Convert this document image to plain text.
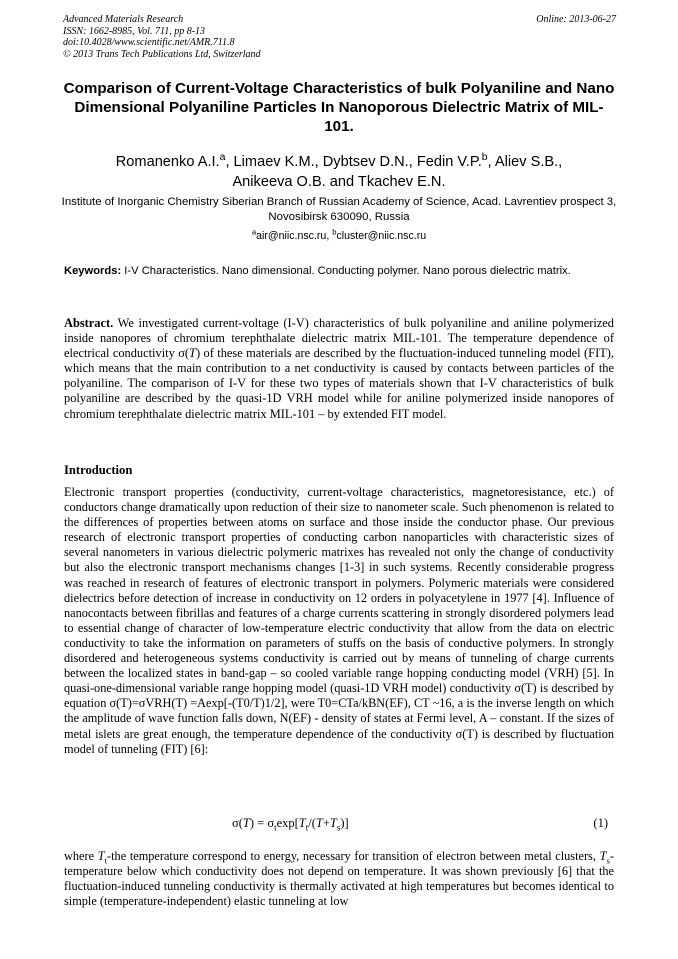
Advanced Materials Research
ISSN: 1662-8985, Vol. 711, pp 8-13
doi:10.4028/www.scientific.net/AMR.711.8
© 2013 Trans Tech Publications Ltd, Switzerland
Online: 2013-06-27
Comparison of Current-Voltage Characteristics of bulk Polyaniline and Nano Dimensional Polyaniline Particles In Nanoporous Dielectric Matrix of MIL-101.
Romanenko A.I.$^a$, Limaev K.M., Dybtsev D.N., Fedin V.P.$^b$, Aliev S.B.,
Anikeeva O.B. and Tkachev E.N.
Institute of Inorganic Chemistry Siberian Branch of Russian Academy of Science, Acad. Lavrentiev prospect 3, Novosibirsk 630090, Russia
$^a$air@niic.nsc.ru, $^b$cluster@niic.nsc.ru
Keywords: I-V Characteristics. Nano dimensional. Conducting polymer. Nano porous dielectric matrix.

Abstract. We investigated current-voltage (I-V) characteristics of bulk polyaniline and aniline polymerized inside nanopores of chromium terephthalate dielectric matrix MIL-101. The temperature dependence of electrical conductivity σ(T) of these materials are described by the fluctuation-induced tunneling model (FIT), which means that the main contribution to a net conductivity is caused by contacts between particles of the polyaniline. The comparison of I-V for these two types of materials shown that I-V characteristics of bulk polyaniline are described by the quasi-1D VRH model while for aniline polymerized inside nanopores of chromium terephthalate dielectric matrix MIL-101 – by extended FIT model.

Introduction

Electronic transport properties (conductivity, current-voltage characteristics, magnetoresistance, etc.) of conductors change dramatically upon reduction of their size to nanometer scale. Such phenomenon is related to the differences of properties between atoms on surface and those inside the conductor phase. Our previous research of electronic transport properties of conducting carbon nanoparticles with characteristic sizes of several nanometers in various dielectric polymeric matrixes has revealed not only the change of conductivity but also the electronic transport mechanisms changes [1-3] in such systems. Recently considerable progress was reached in research of features of electronic transport in polymers. Polymeric materials were considered dielectrics before detection of increase in conductivity on 12 orders in polyacetylene in 1977 [4]. Influence of nanocontacts between fibrillas and features of a charge currents scattering in strongly disordered polymers lead to essential change of character of low-temperature electric conductivity that allow from the data on electric conductivity to take the information on parameters of stuffs on the basis of conductive polymers. In strongly disordered and heterogeneous systems conductivity is carried out by means of tunneling of charge currents between the localized states in band-gap – so cooled variable range hopping conducting model (VRH) [5]. In quasi-one-dimensional variable range hopping model (quasi-1D VRH model) conductivity σ(T) is described by equation σ(T)=σVRH(T) =Aexp[-(T0/T)1/2], were T0=CTa/kBN(EF), CT ~16, a is the inverse length on which the amplitude of wave function falls down, N(EF) - density of states at Fermi level, A – constant. If the sizes of metal islets are great enough, the temperature dependence of the conductivity σ(T) is described by fluctuation model of tunneling (FIT) [6]:

$\sigma(T) = \sigma_t\exp[T_t/(T+T_s)]$	(1)

where $T_t$-the temperature correspond to energy, necessary for transition of electron between metal clusters, $T_s$-temperature below which conductivity does not depend on temperature. It was shown previously [6] that the fluctuation-induced tunneling conductivity is thermally activated at high temperatures but becomes identical to simple (temperature-independent) elastic tunneling at low
